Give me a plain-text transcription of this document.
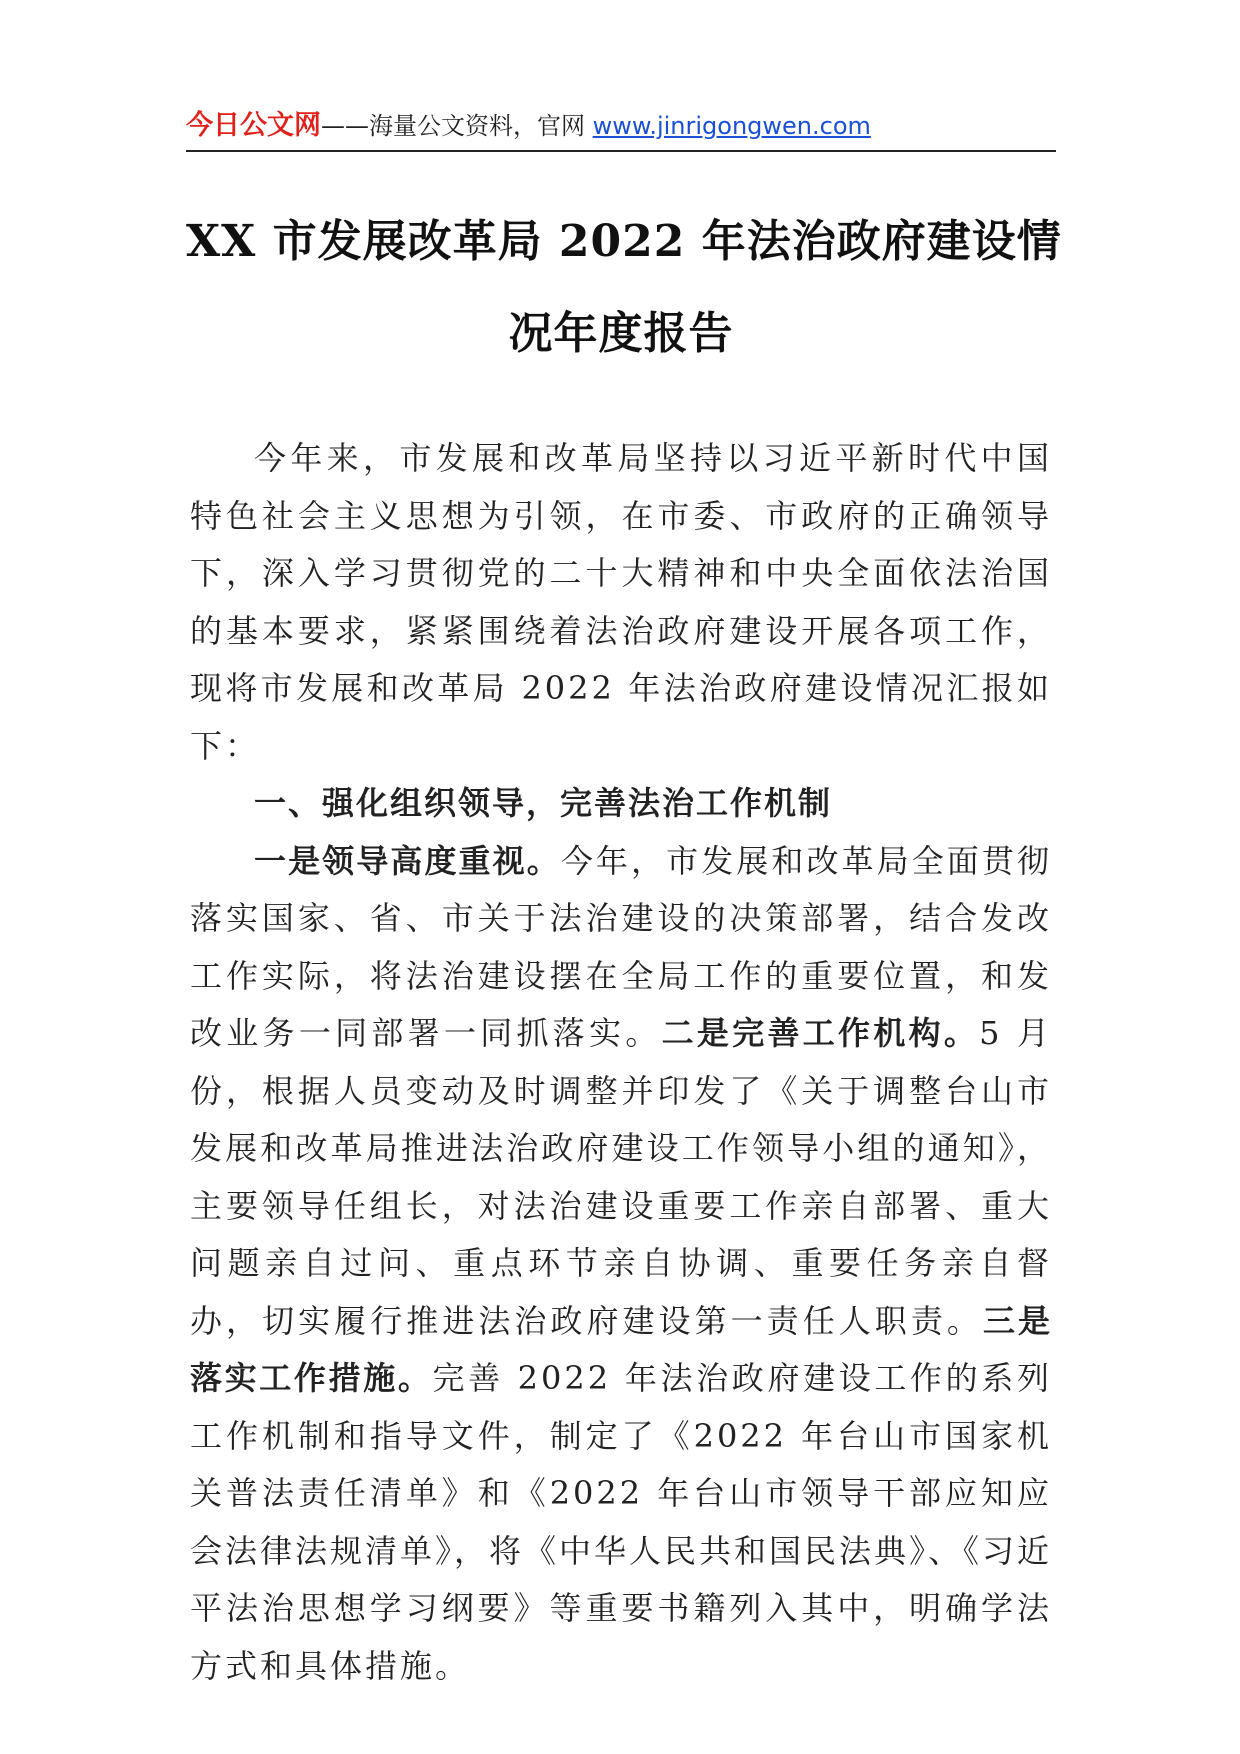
今日公文网——海量公文资料，官网 www.jinrigongwen.com
XX 市发展改革局 2022 年法治政府建设情
况年度报告

今年来，市发展和改革局坚持以习近平新时代中国特色社会主义思想为引领，在市委、市政府的正确领导下，深入学习贯彻党的二十大精神和中央全面依法治国的基本要求，紧紧围绕着法治政府建设开展各项工作，现将市发展和改革局 2022 年法治政府建设情况汇报如下：

一、强化组织领导，完善法治工作机制

一是领导高度重视。今年，市发展和改革局全面贯彻落实国家、省、市关于法治建设的决策部署，结合发改工作实际，将法治建设摆在全局工作的重要位置，和发改业务一同部署一同抓落实。二是完善工作机构。5 月份，根据人员变动及时调整并印发了《关于调整台山市发展和改革局推进法治政府建设工作领导小组的通知》，主要领导任组长，对法治建设重要工作亲自部署、重大问题亲自过问、重点环节亲自协调、重要任务亲自督办，切实履行推进法治政府建设第一责任人职责。三是落实工作措施。完善 2022 年法治政府建设工作的系列工作机制和指导文件，制定了《2022 年台山市国家机关普法责任清单》和《2022 年台山市领导干部应知应会法律法规清单》，将《中华人民共和国民法典》、《习近平法治思想学习纲要》等重要书籍列入其中，明确学法方式和具体措施。
